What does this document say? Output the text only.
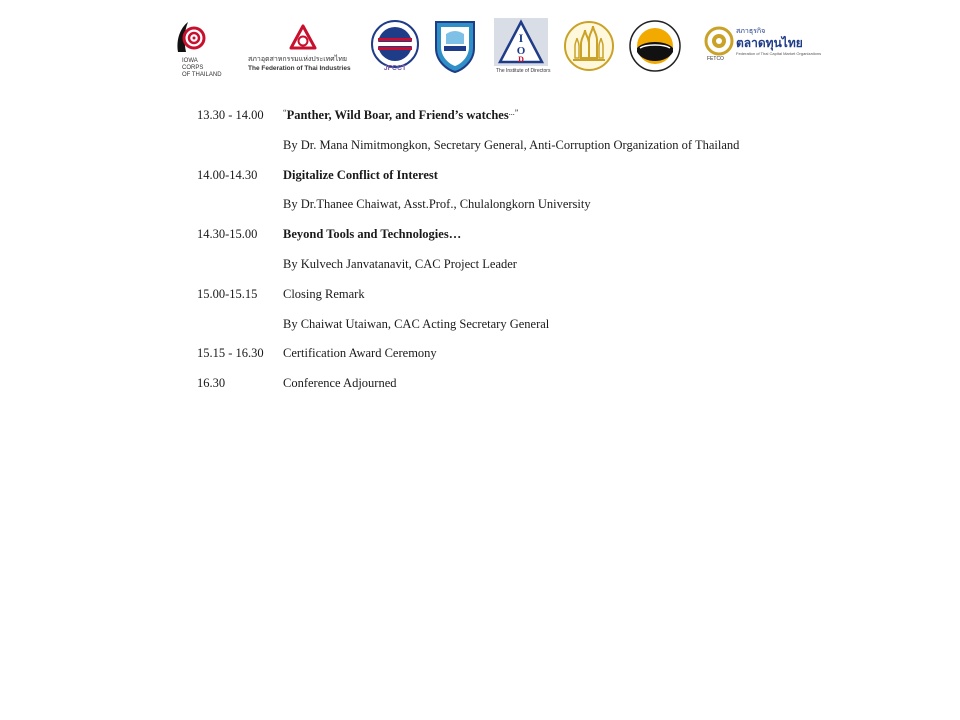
IOWA
CORPS
OF THAILAND
สภาอุตสาหกรรมแห่งประเทศไทย
The Federation of Thai Industries	JFCCT
I
O
D
The Institute of Directors
FETCO
สภาธุรกิจ
ตลาดทุนไทย
Federation of Thai Capital Market Organizations
13.30 - 14.00 “Panther, Wild Boar, and Friend’s watches...”
By Dr. Mana Nimitmongkon, Secretary General, Anti-Corruption Organization of Thailand
14.00-14.30 Digitalize Conflict of Interest
By Dr.Thanee Chaiwat, Asst.Prof., Chulalongkorn University
14.30-15.00 Beyond Tools and Technologies…
By Kulvech Janvatanavit, CAC Project Leader
15.00-15.15 Closing Remark
By Chaiwat Utaiwan, CAC Acting Secretary General
15.15 - 16.30 Certification Award Ceremony
16.30	Conference Adjourned
